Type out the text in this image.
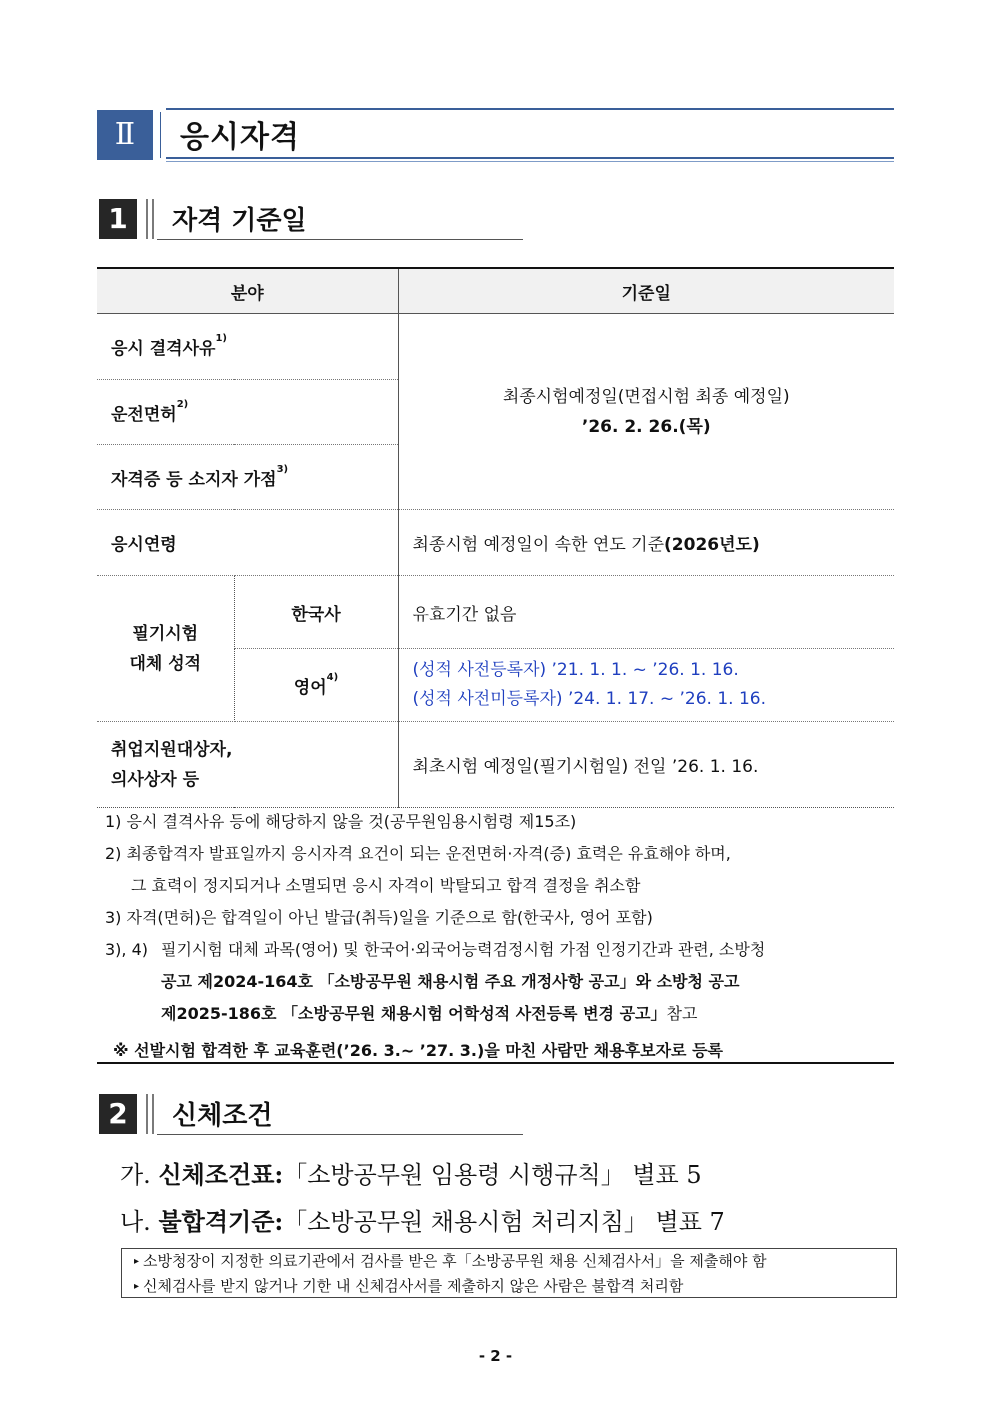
Ⅱ	응시자격
1	자격 기준일
분야		기준일
응시 결격사유$^{1)}$		최종시험예정일(면접시험 최종 예정일)
’26. 2. 26.(목)

운전면허$^{2)}$
자격증 등 소지자 가점$^{3)}$
응시연령		최종시험 예정일이 속한 연도 기준(2026년도)

필기시험
대체 성적	한국사	유효기간 없음
	영어$^{4)}$	(성적 사전등록자) ’21. 1. 1. ~ ’26. 1. 16.
(성적 사전미등록자) ’24. 1. 17. ~ ’26. 1. 16.

취업지원대상자,
의사상자 등		최초시험 예정일(필기시험일) 전일 ’26. 1. 16.
1) 응시 결격사유 등에 해당하지 않을 것(공무원임용시험령 제15조)
2) 최종합격자 발표일까지 응시자격 요건이 되는 운전면허·자격(증) 효력은 유효해야 하며,
그 효력이 정지되거나 소멸되면 응시 자격이 박탈되고 합격 결정을 취소함
3) 자격(면허)은 합격일이 아닌 발급(취득)일을 기준으로 함(한국사, 영어 포함)
3), 4) 필기시험 대체 과목(영어) 및 한국어·외국어능력검정시험 가점 인정기간과 관련, 소방청
공고 제2024-164호 「소방공무원 채용시험 주요 개정사항 공고」와 소방청 공고
제2025-186호 「소방공무원 채용시험 어학성적 사전등록 변경 공고」참고
※ 선발시험 합격한 후 교육훈련(’26. 3.~ ’27. 3.)을 마친 사람만 채용후보자로 등록
2	신체조건
가. 신체조건표:「소방공무원 임용령 시행규칙」 별표 5
나. 불합격기준:「소방공무원 채용시험 처리지침」 별표 7
▸ 소방청장이 지정한 의료기관에서 검사를 받은 후「소방공무원 채용 신체검사서」을 제출해야 함
▸ 신체검사를 받지 않거나 기한 내 신체검사서를 제출하지 않은 사람은 불합격 처리함
- 2 -
